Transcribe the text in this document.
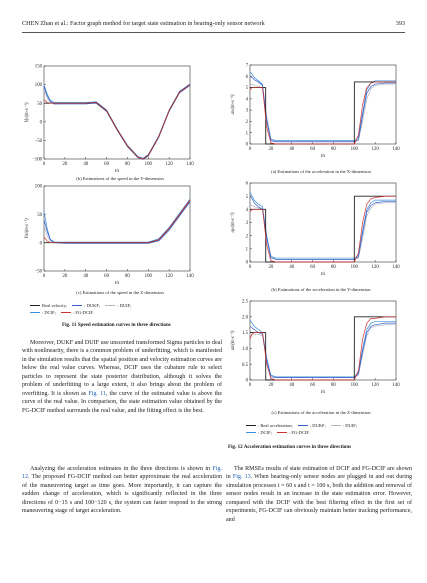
CHEN Zhan et al.: Factor graph method for target state estimation in bearing-only sensor network	393
0	20	40	60	80	100	120	140
150
100
50
0
−50
−100
t/s
Vy/(m·s⁻¹)
(b) Estimations of the speed in the Y-dimension
0	20	40	60	80	100	120	140
100
50
0
−50
t/s
Vz/(m·s⁻¹)
(c) Estimations of the speed in the Z-dimension
Real velocity;	: DUKF;	: DUIF;
: DCIF;	: FG-DCIF.
Fig. 11 Speed estimation curves in three directions
0	20	40	60	80	100	120	140
7
6
5
4
3
2
1
0
t/s
ax/(m·s⁻²)
(a) Estimations of the acceleration in the X-dimension
0	20	40	60	80	100	120	140
6
5
4
3
2
1
0
t/s
ay/(m·s⁻²)
(b) Estimations of the acceleration in the Y-dimension
0	20	40	60	80	100	120	140
2.5
2.0
1.5
1.0
0.5
0
t/s
az/(m·s⁻²)
(c) Estimations of the acceleration in the Z-dimension
: Real acceleration;	: DUKF;	: DUIF;
: DCIF;	: FG-DCIF.
Fig. 12 Acceleration estimation curves in three directions
Moreover, DUKF and DUIF use unscented transformed Sigma particles to deal with nonlinearity, there is a common problem of underfitting, which is manifested in the simulation results that the spatial position and velocity estimation curves are below the real value curves. Whereas, DCIF uses the cubature rule to select particles to represent the state posterior distribution, although it solves the problem of underfitting to a large extent, it also brings about the problem of overfitting. It is shown as Fig. 11, the curve of the estimated value is above the curve of the real value. In comparison, the state estimation value obtained by the FG-DCIF method surrounds the real value, and the fitting effect is the best.
Analyzing the acceleration estimates in the three directions is shown in Fig. 12. The proposed FG-DCIF method can better approximate the real acceleration of the maneuvering target as time goes. More importantly, it can capture the sudden change of acceleration, which is significantly reflected in the three directions of 0−15 s and 100−120 s, the system can faster respond to the strong maneuvering stage of target acceleration.
The RMSEs results of state estimation of DCIF and FG-DCIF are shown in Fig. 13. When bearing-only sensor nodes are plugged in and out during simulation processes t = 60 s and t = 100 s, both the addition and removal of sensor nodes result in an increase in the state estimation error. However, compared with the DCIF with the best filtering effect in the first set of experiments, FG-DCIF can obviously maintain better tracking performance, and
